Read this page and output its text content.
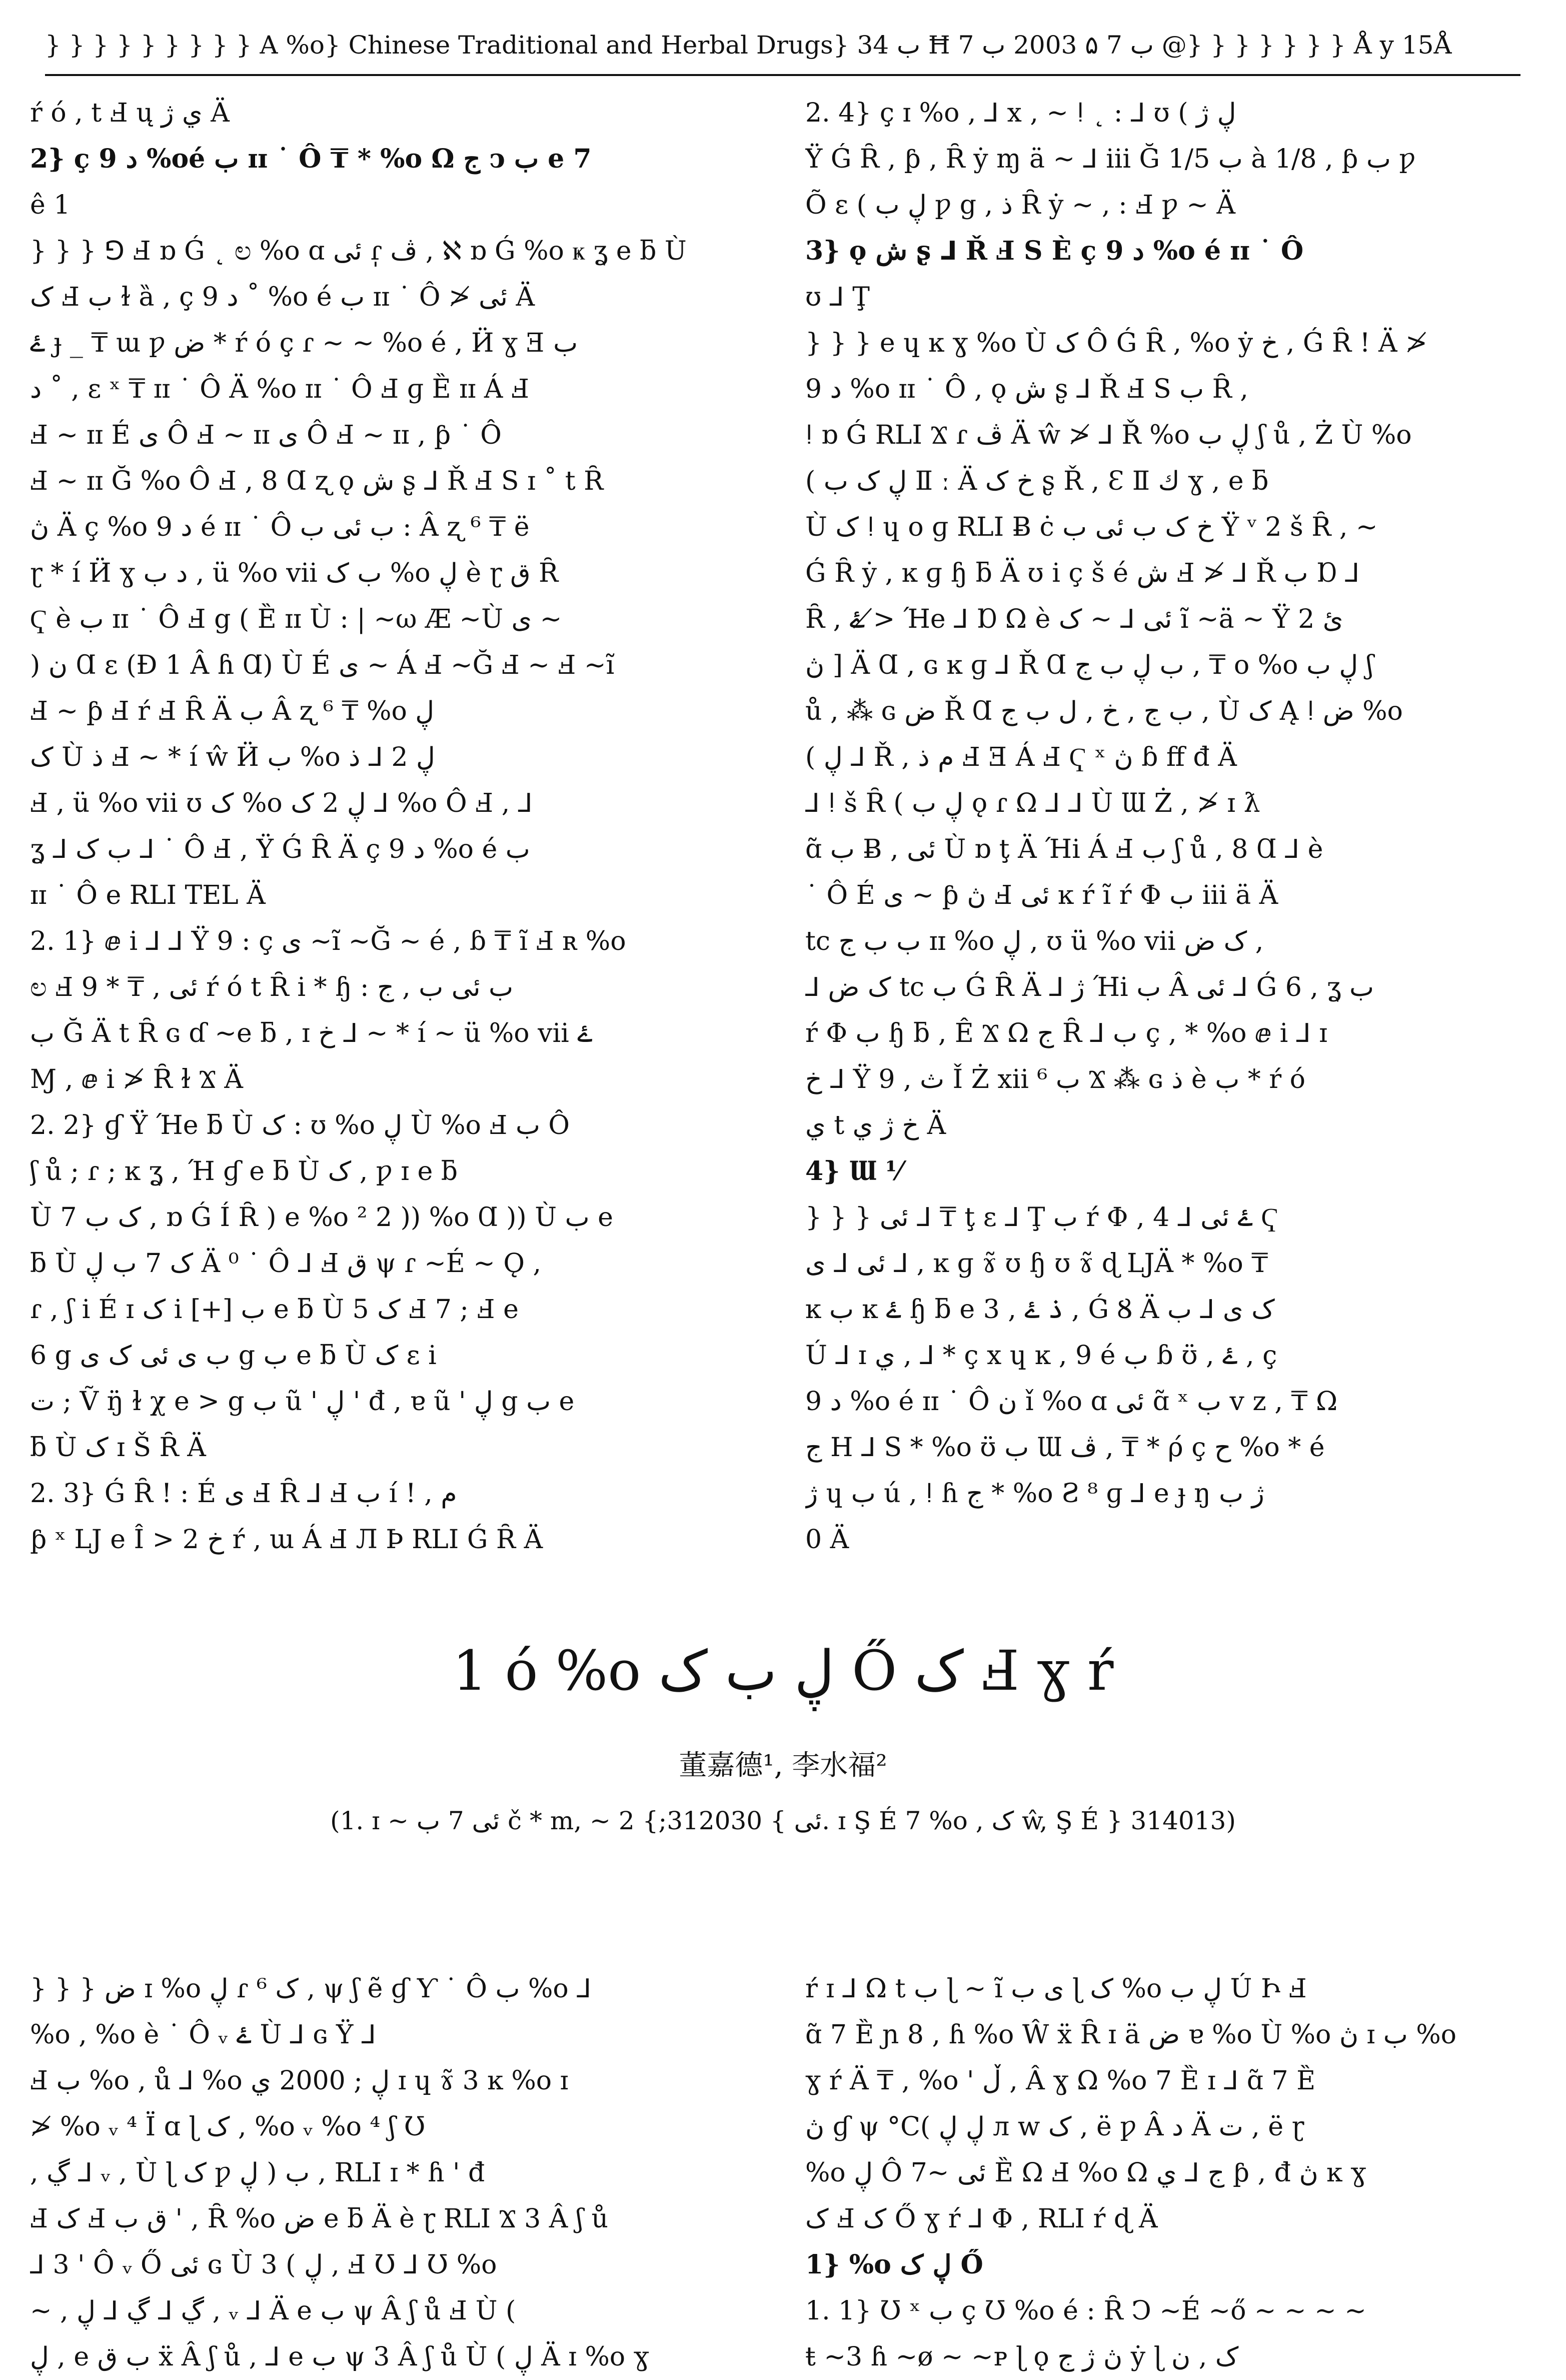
} } } } } } } } } A %o} Chinese Traditional and Herbal Drugs} ب 34 Ħ ب 7 ۵ 2003 ب 7 @} } } } } } } Å y 15Å
ŕ ó , t Ⅎ ų ي ژ Ä
2} ç 9 د %oé ب ɪɪ ˙ Ô ₸ * %o Ω ج ↄ ب e 7
ê 1
} } } ⅁ Ⅎ ɒ Ǵ ˛ ಲ %o ɑ ئى ɾ̩ ڤ , ℵ ɒ Ǵ %o ҝ ʓ e ƃ Ù
ک Ⅎ ب ɫ ȁ , ç 9 د ˚ %o é ب ɪɪ ˙ Ô ≯ ئى Ä
ۓ ɟ _ ₸ ɯ ƿ ض * ŕ ó ç ɾ ~ ~ %o é , Ӥ ɣ Ǝ ب
د ˚ , ɛ ˣ ₸ ɪɪ ˙ Ô Ä %o ɪɪ ˙ Ô Ⅎ ɡ Ȅ ɪɪ Á Ⅎ
Ⅎ ~ ɪɪ É ی Ô Ⅎ ~ ɪɪ ی Ô Ⅎ ~ ɪɪ , ƥ ˙ Ô
Ⅎ ~ ɪɪ Ğ %o Ô Ⅎ , 8 Ɑ ʐ ǫ ش ʂ ⅃ Ř Ⅎ S ɪ ˚ t Ȓ
ڽ Ä ç %o 9 د é ɪɪ ˙ Ô ب ئى ب : Â ʐ ⁶ ₸ ë
ɽ * í Ӥ ɣ د ب , ü %o vii ب ک %o ڸ è ɽ ق Ȓ
Ҁ è ب ɪɪ ˙ Ô Ⅎ g ( Ȅ ɪɪ Ù : | ~ω Æ ~Ù ی ~
) ن Ɑ ɛ (Ð 1 Â ɦ Ɑ) Ù É ی ~ Á Ⅎ ~Ğ Ⅎ ~ Ⅎ ~ĩ
Ⅎ ~ ƥ Ⅎ ŕ Ⅎ Ȓ Ä ب Â ʐ ⁶ ₸ %o ڸ
ک Ù ذ Ⅎ ~ * í ŵ Ӥ ب %o ڸ 2 ⅃ ذ
Ⅎ , ü %o vii ʊ ک %o ڸ 2 ک ⅃ %o Ô Ⅎ , ⅃
ʓ ⅃ ب ک ⅃ ˙ Ô Ⅎ , Ϋ Ǵ Ȓ Ä ç 9 د %o é ب
ɪɪ ˙ Ô e RLI TEL Ä
2. 1} ⅇ i ⅃ ⅃ Ϋ 9 : ç ی ~ĩ ~Ğ ~ é , ɓ ₸ ĩ Ⅎ ʀ %o
ಲ Ⅎ ئى , ₸ * 9 ŕ ó t Ȓ i * ɧ : ب ئى ب , ج
ب Ğ Ä t Ȓ ɢ ɗ ~e ƃ , ɪ خ ⅃ ~ * í ~ ü %o vii ۓ
Ɱ , ⅇ i ≯ Ȓ ɫ Ϫ Ä
2. 2} ɠ Ϋ Ήe ƃ Ù ک : ʊ %o ڸ Ù %o Ⅎ ب Ô
ʃ ů ; ɾ ; ĸ ʓ , Ή ɠ e ƃ Ù ک , ƿ ɪ e ƃ
Ù ک ب 7 , ɒ Ǵ Í Ȓ ) e %o ² 2 )) %o Ɑ )) Ù ب e
ƃ Ù ک 7 ب ڸ Ä ⁰ ˙ Ô ⅃ Ⅎ ق ψ ɾ ~É ~ Ǫ ,
ɾ , ʃ i É ɪ ک i [+] ب e ƃ Ù ک 5 Ⅎ 7 ; Ⅎ e
6 g ب ی ئى ک ی g ب e ƃ Ù ک ɛ i
ت ; Ṽ ŋ̈ ɫ χ e > g ب ũ ' ڸ ' đ , ɐ ũ ' ڸ g ب e
ƃ Ù ک ɪ Š Ȓ Ä
2. 3} Ǵ Ȓ ! : É ی Ⅎ Ȓ ⅃ Ⅎ ب í ! , م
ƥ ˣ LJ e Î > خ 2 ŕ , ɯ Á Ⅎ Л Þ RLI Ǵ Ȓ Ä
2. 4} ç ɪ %o , ⅃ x , ~ ǃ ˛ : ⅃ ʊ ( ڸ ژ
Ϋ Ǵ Ȓ , ƥ , Ȓ ẏ ɱ ä ~ ⅃ iii Ğ ب 1/5 à 1/8 , ƥ ب ƿ
Õ ɛ ( ڸ ب ƿ g , ذ Ȓ ẏ ~ , : Ⅎ ƿ ~ Ä
3} ǫ ش ʂ ⅃ Ř Ⅎ S È ç 9 د %o é ɪɪ ˙ Ô
ʊ ⅃ Ţ
} } } e ɥ ĸ ɣ %o Ù ک Ô Ǵ Ȓ , %o ẏ خ , Ǵ Ȓ ! Ä ≯
9 د %o ɪɪ ˙ Ô , ǫ ش ʂ ⅃ Ř Ⅎ S ب Ȓ ,
ǃ ɒ Ǵ RLI Ϫ ɾ ڤ Ä ŵ ≯ ⅃ Ř %o ڸ ب ʃ ů , Ż Ù %o
( ڸ ک ب Ⅱ ː Ä خ ک ʂ Ř , Ɛ Ⅱ ك ɣ , e ƃ
Ù ک ǃ ɥ o ɡ RLI Ƀ ċ خ ک ب ئى ب Ϋ ᵛ 2 š Ȓ , ~
Ǵ Ȓ ẏ , ĸ ɡ ɧ ƃ Ä ʊ i ç š é ش Ⅎ ≯ ⅃ Ř ب Ɒ ⅃
Ȓ , ۓ ≯ Ήe ⅃ Ɒ Ω è ئى ⅃ ~ ک ĩ ~ä ~ Ϋ 2 ئ
ڽ ] Ä Ɑ , ɢ ĸ ɡ ⅃ Ř Ɑ ب ڸ ب ج , ₸ o %o ڸ ب ʃ
ů , ⁂ ɢ ض Ř Ɑ ب ج , خ , ل ب ج , Ù ک Ą ǃ ض %o
( ڸ ⅃ Ř , م ذ Ⅎ Ǝ Á Ⅎ Ҁ ˣ ڽ ɓ ﬀ đ Ä
⅃ ǃ š Ȓ ( ڸ ب ǫ ɾ Ω ⅃ ⅃ Ù Ɯ Ż , ≯ ɪ ƛ
ɑ̃ ب Ƀ , ئى Ù ɒ ţ Ä Ήi Á Ⅎ ب ʃ ů , 8 Ɑ ⅃ è
˙ Ô É ی ~ ƥ ڽ Ⅎ ئى ĸ ŕ ĩ ŕ Φ ب iii ä Ä
tc ب ب ج ɪɪ %o ڸ , ʊ ü %o vii ک ض ,
⅃ ک ض tc ب Ǵ Ȓ Ä ⅃ ژ Ήi ب Â ئى ⅃ Ǵ 6 , ʓ ب
ŕ Φ ب ɧ ƃ , Ê Ϫ Ω ج Ȓ ⅃ ب ç , * %o ⅇ i ⅃ ɪ
خ ⅃ Ϋ 9 , ث Ǐ Ż xii ب ⁶ Ϫ ⁂ ɢ ذ è ب * ŕ ó
ي t خ ژ ي Ä
4} Ɯ ⅟
} } } ئى ⅃ ₸ ţ ɛ ⅃ Ţ ب ŕ Φ , ۓ ئى ⅃ 4 Ҁ
ئى ⅃ ی ⅃ , ĸ ɡ ɤ̃ ʊ ɧ ʊ ɤ̃ ɖ ǇÄ * %o ₸
ĸ ب ĸ ۓ ɧ ƃ e 3 , ذ ۓ , Ǵ Ȣ Ä ک ی ⅃ ب
Ú ⅃ ɪ ي , ⅃ * ç x ɥ ĸ , 9 é ب ɓ ʊ̈ , ۓ , ç
9 د %o é ɪɪ ˙ Ô ن ǐ %o ɑ ئى ɑ̃ ˣ ب v z , ₸ Ω
ج H ⅃ S * %o ʊ̈ ب Ɯ ڤ , ₸ * ρ́ ç ح %o * é
ژ ɥ ب ú , ǃ ɦ ج * %o Ƨ ⁸ ɡ ⅃ e ɟ ŋ ژ ب
0 Ä
1 ó %o ڸ ب ک Ő ک Ⅎ ɣ ŕ
董嘉德¹, 李水福²
(1. ɪ ~ ئى 7 ب č * m, ~ ئى } 312030;} 2. ɪ Ş É 7 %o , ک ŵ, Ş É } 314013)
} } } ض ɪ %o ڸ ɾ ک ⁶ , ψ ʃ ẽ ɠ Ƴ ˙ Ô ب %o ⅃
%o , %o è ˙ Ô ᵥ ۓ Ù ⅃ ɢ Ϋ ⅃
Ⅎ ب %o , ů ⅃ %o ڸ ; 2000 ي ɪ ɥ ɤ̃ 3 ĸ %o ɪ
≯ %o ᵥ ⁴ Ï ɑ ɭ ک , %o ᵥ %o ⁴ ʃ Ʊ
, ڲ ⅃ ᵥ , Ù ɭ ک ƿ ب ( ڸ , RLI ɪ * ɦ ' đ
Ⅎ ک Ⅎ ق ب ' , Ȓ %o ض e ƃ Ä è ɽ RLI Ϫ 3 Â ʃ ů
⅃ 3 ' Ô ᵥ Ő ئى ɢ Ù 3 ( ڸ , Ⅎ Ʊ ⅃ Ʊ %o
~ , ڲ ⅃ ڲ ⅃ ڸ , ᵥ ⅃ Ä e ب ψ Â ʃ ů Ⅎ Ù (
ڸ , e ب ق ẍ Â ʃ ů , ⅃ e ب ψ 3 Â ʃ ů Ù ( ڸ Ä ɪ %o ɣ
ŕ ɪ ⅃ Ω t ب ɭ ~ ĩ ی ب ɭ ک %o ڸ ب Ú Ի Ⅎ
ɑ̃ 7 Ȅ ɲ 8 , ɦ %o Ŵ ẍ Ȓ ɪ ä ض ɐ %o Ù %o ڽ ɪ ب %o
ɣ ŕ Ä ₸ , %o ' ڵ , Â ɣ Ω %o 7 Ȅ ɪ ⅃ ɑ̃ 7 Ȅ
ڽ ɠ ψ °C( ڸ ڸ л w ک , ë ƿ Â د Ä ت , ë ɽ
%o ڸ Ô ئى ~7 Ȅ Ω Ⅎ %o Ω ج ⅃ ي ƥ , đ ڽ ĸ ɣ
ک Ⅎ ک Ő ɣ ŕ ⅃ Φ , RLI ŕ ɖ Ä
1} %o ڸ ک Ő
1. 1} Ʊ ˣ ب ç Ʊ %o é : Ȓ Ↄ ~É ~ő ~ ~ ~ ~
ŧ ~3 ɦ ~ø ~ ~ᴘ ɭ ǫ ڽ ژ ج ẏ ɭ ک , ن
